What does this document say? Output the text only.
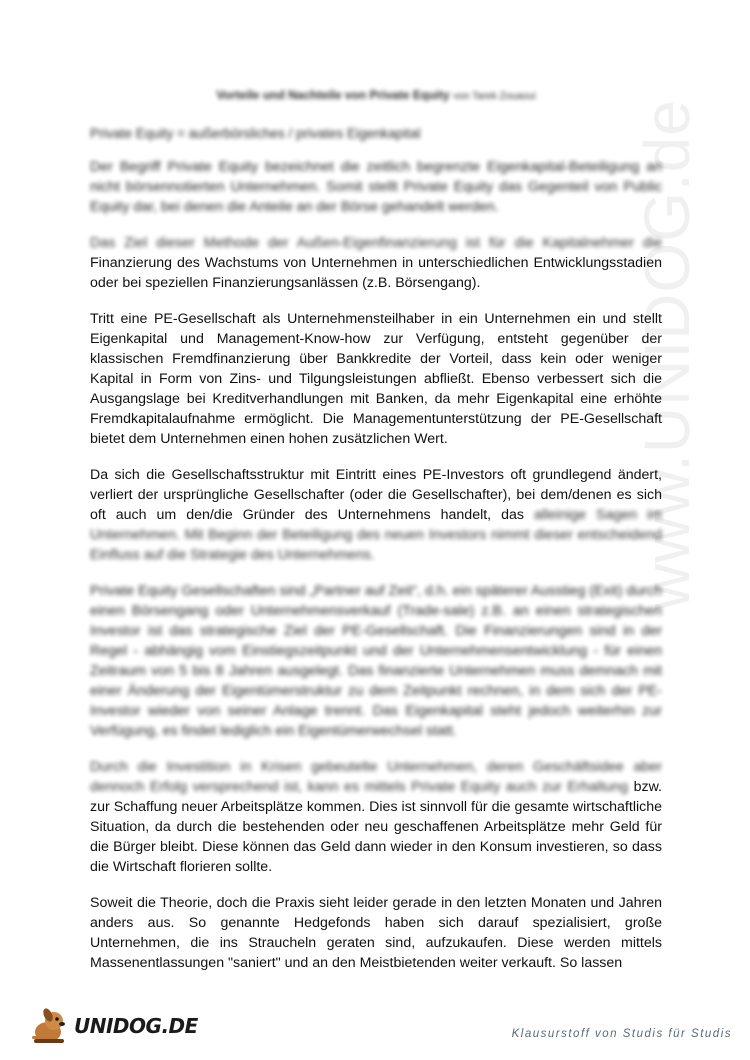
www.UNIDOG.de
Vorteile und Nachteile von Private Equity von Tarek Zouaoui
Private Equity = außerbörsliches / privates Eigenkapital

Der Begriff Private Equity bezeichnet die zeitlich begrenzte Eigenkapital-Beteiligung an nicht börsennotierten Unternehmen. Somit stellt Private Equity das Gegenteil von Public Equity dar, bei denen die Anteile an der Börse gehandelt werden.

Das Ziel dieser Methode der Außen-Eigenfinanzierung ist für die Kapitalnehmer die Finanzierung des Wachstums von Unternehmen in unterschiedlichen Entwicklungsstadien oder bei speziellen Finanzierungsanlässen (z.B. Börsengang).

Tritt eine PE-Gesellschaft als Unternehmensteilhaber in ein Unternehmen ein und stellt Eigenkapital und Management-Know-how zur Verfügung, entsteht gegenüber der klassischen Fremdfinanzierung über Bankkredite der Vorteil, dass kein oder weniger Kapital in Form von Zins- und Tilgungsleistungen abfließt. Ebenso verbessert sich die Ausgangslage bei Kreditverhandlungen mit Banken, da mehr Eigenkapital eine erhöhte Fremdkapitalaufnahme ermöglicht. Die Managementunterstützung der PE-Gesellschaft bietet dem Unternehmen einen hohen zusätzlichen Wert.

Da sich die Gesellschaftsstruktur mit Eintritt eines PE-Investors oft grundlegend ändert, verliert der ursprüngliche Gesellschafter (oder die Gesellschafter), bei dem/denen es sich oft auch um den/die Gründer des Unternehmens handelt, das alleinige Sagen im Unternehmen. Mit Beginn der Beteiligung des neuen Investors nimmt dieser entscheidend Einfluss auf die Strategie des Unternehmens.

Private Equity Gesellschaften sind „Partner auf Zeit“, d.h. ein späterer Ausstieg (Exit) durch einen Börsengang oder Unternehmensverkauf (Trade-sale) z.B. an einen strategischen Investor ist das strategische Ziel der PE-Gesellschaft. Die Finanzierungen sind in der Regel - abhängig vom Einstiegszeitpunkt und der Unternehmensentwicklung - für einen Zeitraum von 5 bis 8 Jahren ausgelegt. Das finanzierte Unternehmen muss demnach mit einer Änderung der Eigentümerstruktur zu dem Zeitpunkt rechnen, in dem sich der PE-Investor wieder von seiner Anlage trennt. Das Eigenkapital steht jedoch weiterhin zur Verfügung, es findet lediglich ein Eigentümerwechsel statt.

Durch die Investition in Krisen gebeutelte Unternehmen, deren Geschäftsidee aber dennoch Erfolg versprechend ist, kann es mittels Private Equity auch zur Erhaltung bzw. zur Schaffung neuer Arbeitsplätze kommen. Dies ist sinnvoll für die gesamte wirtschaftliche Situation, da durch die bestehenden oder neu geschaffenen Arbeitsplätze mehr Geld für die Bürger bleibt. Diese können das Geld dann wieder in den Konsum investieren, so dass die Wirtschaft florieren sollte.

Soweit die Theorie, doch die Praxis sieht leider gerade in den letzten Monaten und Jahren anders aus. So genannte Hedgefonds haben sich darauf spezialisiert, große Unternehmen, die ins Straucheln geraten sind, aufzukaufen. Diese werden mittels Massenentlassungen "saniert" und an den Meistbietenden weiter verkauft. So lassen

UNIDOG.DE	Klausurstoff von Studis für Studis
